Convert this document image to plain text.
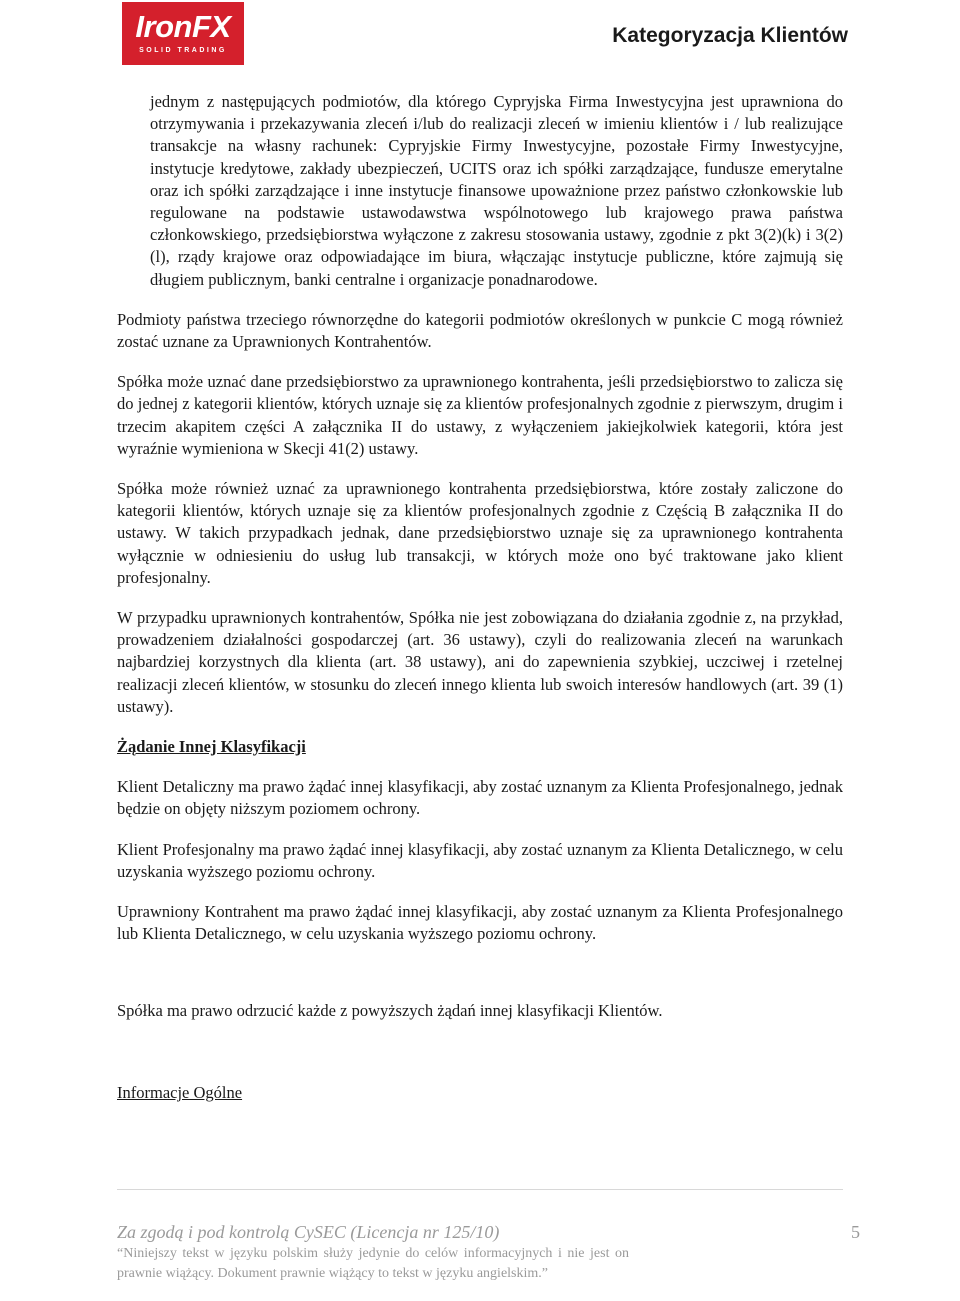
IronFX
SOLID TRADING
Kategoryzacja Klientów

jednym z następujących podmiotów, dla którego Cypryjska Firma Inwestycyjna jest uprawniona do otrzymywania i przekazywania zleceń i/lub do realizacji zleceń w imieniu klientów i / lub realizujące transakcje na własny rachunek: Cypryjskie Firmy Inwestycyjne, pozostałe Firmy Inwestycyjne, instytucje kredytowe, zakłady ubezpieczeń, UCITS oraz ich spółki zarządzające, fundusze emerytalne oraz ich spółki zarządzające i inne instytucje finansowe upoważnione przez państwo członkowskie lub regulowane na podstawie ustawodawstwa wspólnotowego lub krajowego prawa państwa członkowskiego, przedsiębiorstwa wyłączone z zakresu stosowania ustawy, zgodnie z pkt 3(2)(k) i 3(2)(l), rządy krajowe oraz odpowiadające im biura, włączając instytucje publiczne, które zajmują się długiem publicznym, banki centralne i organizacje ponadnarodowe.

Podmioty państwa trzeciego równorzędne do kategorii podmiotów określonych w punkcie C mogą również zostać uznane za Uprawnionych Kontrahentów.

Spółka może uznać dane przedsiębiorstwo za uprawnionego kontrahenta, jeśli przedsiębiorstwo to zalicza się do jednej z kategorii klientów, których uznaje się za klientów profesjonalnych zgodnie z pierwszym, drugim i trzecim akapitem części A załącznika II do ustawy, z wyłączeniem jakiejkolwiek kategorii, która jest wyraźnie wymieniona w Skecji 41(2) ustawy.

Spółka może również uznać za uprawnionego kontrahenta przedsiębiorstwa, które zostały zaliczone do kategorii klientów, których uznaje się za klientów profesjonalnych zgodnie z Częścią B załącznika II do ustawy. W takich przypadkach jednak, dane przedsiębiorstwo uznaje się za uprawnionego kontrahenta wyłącznie w odniesieniu do usług lub transakcji, w których może ono być traktowane jako klient profesjonalny.

W przypadku uprawnionych kontrahentów, Spółka nie jest zobowiązana do działania zgodnie z, na przykład, prowadzeniem działalności gospodarczej (art. 36 ustawy), czyli do realizowania zleceń na warunkach najbardziej korzystnych dla klienta (art. 38 ustawy), ani do zapewnienia szybkiej, uczciwej i rzetelnej realizacji zleceń klientów, w stosunku do zleceń innego klienta lub swoich interesów handlowych (art. 39 (1) ustawy).

Żądanie Innej Klasyfikacji

Klient Detaliczny ma prawo żądać innej klasyfikacji, aby zostać uznanym za Klienta Profesjonalnego, jednak będzie on objęty niższym poziomem ochrony.

Klient Profesjonalny ma prawo żądać innej klasyfikacji, aby zostać uznanym za Klienta Detalicznego, w celu uzyskania wyższego poziomu ochrony.

Uprawniony Kontrahent ma prawo żądać innej klasyfikacji, aby zostać uznanym za Klienta Profesjonalnego lub Klienta Detalicznego, w celu uzyskania wyższego poziomu ochrony.

Spółka ma prawo odrzucić każde z powyższych żądań innej klasyfikacji Klientów.

Informacje Ogólne

Za zgodą i pod kontrolą CySEC (Licencja nr 125/10)	5
“Niniejszy tekst w języku polskim służy jedynie do celów informacyjnych i nie jest on prawnie wiążący. Dokument prawnie wiążący to tekst w języku angielskim.”
